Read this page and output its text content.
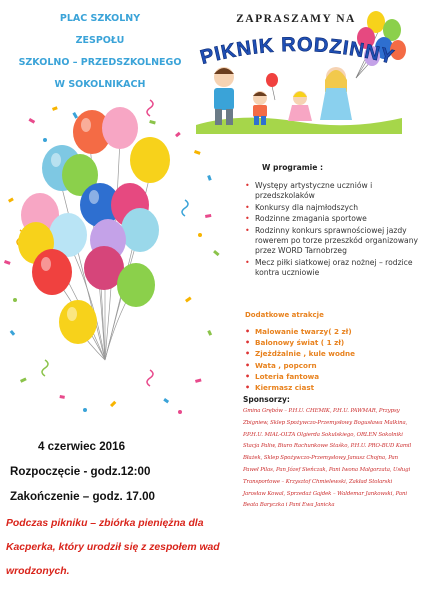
PLAC SZKOLNY
ZESPOŁU
SZKOLNO – PRZEDSZKOLNEGO
W SOKOLNIKACH
ZAPRASZAMY NA
PIKNIK RODZINNY
W programie :
• Występy artystyczne uczniów i przedszkolaków
• Konkursy dla najmłodszych
• Rodzinne zmagania sportowe
• Rodzinny konkurs sprawnościowej jazdy rowerem po torze przeszkód organizowany przez WORD Tarnobrzeg
• Mecz piłki siatkowej oraz nożnej – rodzice kontra uczniowie
Dodatkowe atrakcje
• Malowanie twarzy( 2 zł)
• Balonowy świat ( 1 zł)
• Zjeżdżalnie , kule wodne
• Wata , popcorn
• Loteria fantowa
• Kiermasz ciast
Sponsorzy:
Gmina Grębów – P.H.U. CHEMIK, P.H.U. PAWMAR, Przypsy Zbigniew, Sklep Spożywczo-Przemysłowy Bogusława Malkina, P.P.H.U. MIAL-OLTA Olgierda Sokulskiego, ORLEN Sokolniki Stacja Paliw, Biuro Rachunkowe Staśko, P.H.U. PRO-BUD Kamil Błażek, Sklep Spożywczo-Przemysłowy Janusz Chojna, Pan Paweł Pilas, Pan Józef Sieńczak, Pani Iwona Małgorzata, Usługi Transportowe – Krzysztof Chmielewski, Zakład Stolarski Jarosław Kowal, Sprzedaż Gajdek – Waldemar Jankowski, Pani Beata Baryczka i Pani Ewa Janicka
4 czerwiec 2016
Rozpoczęcie - godz.12:00
Zakończenie – godz. 17.00
Podczas pikniku – zbiórka pieniężna dla Kacperka, który urodził się z zespołem wad wrodzonych.
